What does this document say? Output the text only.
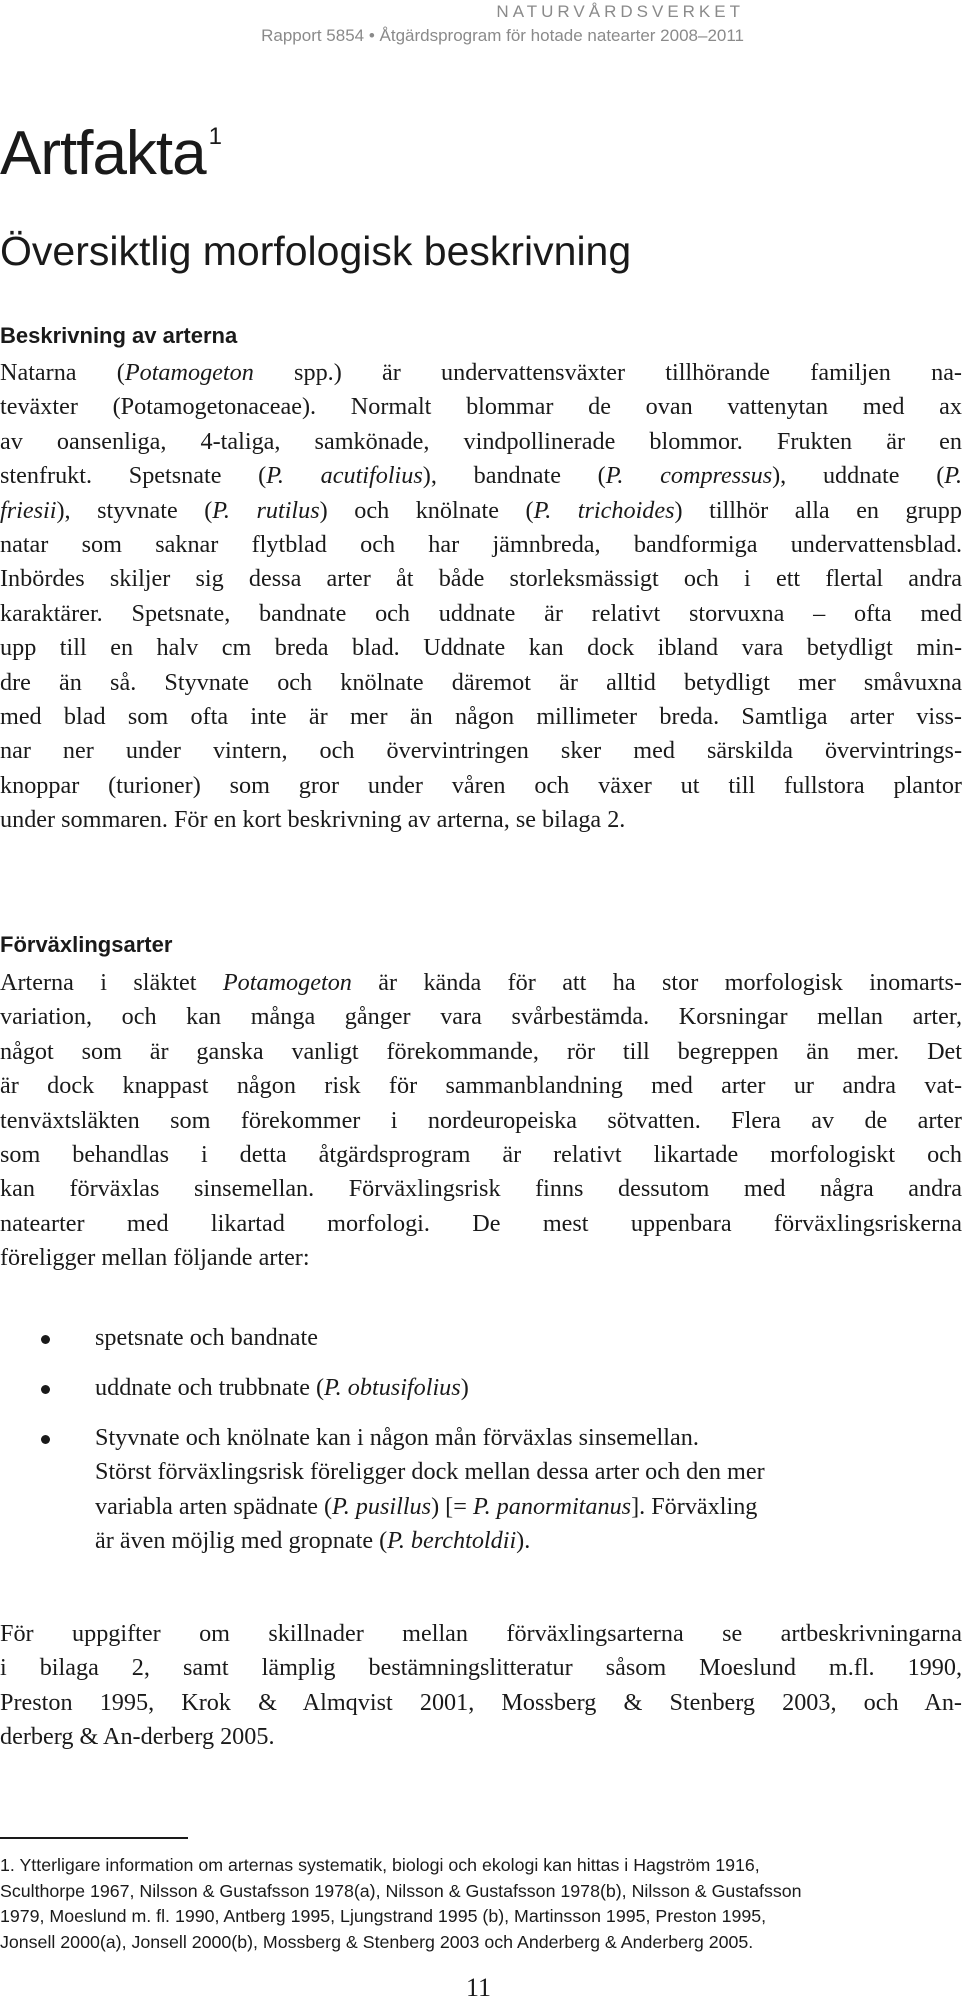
NATURVÅRDSVERKET
Rapport 5854 • Åtgärdsprogram för hotade natearter 2008–2011
Artfakta $^1$
Översiktlig morfologisk beskrivning
Beskrivning av arterna
Natarna (Potamogeton spp.) är undervattensväxter tillhörande familjen na-
teväxter (Potamogetonaceae). Normalt blommar de ovan vattenytan med ax
av oansenliga, 4-taliga, samkönade, vindpollinerade blommor. Frukten är en
stenfrukt. Spetsnate (P. acutifolius), bandnate (P. compressus), uddnate (P.
friesii), styvnate (P. rutilus) och knölnate (P. trichoides) tillhör alla en grupp
natar som saknar flytblad och har jämnbreda, bandformiga undervattensblad.
Inbördes skiljer sig dessa arter åt både storleksmässigt och i ett flertal andra
karaktärer. Spetsnate, bandnate och uddnate är relativt storvuxna – ofta med
upp till en halv cm breda blad. Uddnate kan dock ibland vara betydligt min-
dre än så. Styvnate och knölnate däremot är alltid betydligt mer småvuxna
med blad som ofta inte är mer än någon millimeter breda. Samtliga arter viss-
nar ner under vintern, och övervintringen sker med särskilda övervintrings-
knoppar (turioner) som gror under våren och växer ut till fullstora plantor
under sommaren. För en kort beskrivning av arterna, se bilaga 2.
Förväxlingsarter
Arterna i släktet Potamogeton är kända för att ha stor morfologisk inomarts-
variation, och kan många gånger vara svårbestämda. Korsningar mellan arter,
något som är ganska vanligt förekommande, rör till begreppen än mer. Det
är dock knappast någon risk för sammanblandning med arter ur andra vat-
tenväxtsläkten som förekommer i nordeuropeiska sötvatten. Flera av de arter
som behandlas i detta åtgärdsprogram är relativt likartade morfologiskt och
kan förväxlas sinsemellan. Förväxlingsrisk finns dessutom med några andra
natearter med likartad morfologi. De mest uppenbara förväxlingsriskerna
föreligger mellan följande arter:
spetsnate och bandnate
uddnate och trubbnate (P. obtusifolius)
Styvnate och knölnate kan i någon mån förväxlas sinsemellan.
Störst förväxlingsrisk föreligger dock mellan dessa arter och den mer
variabla arten spädnate (P. pusillus) [= P. panormitanus]. Förväxling
är även möjlig med gropnate (P. berchtoldii).
För uppgifter om skillnader mellan förväxlingsarterna se artbeskrivningarna
i bilaga 2, samt lämplig bestämningslitteratur såsom Moeslund m.fl. 1990,
Preston 1995, Krok & Almqvist 2001, Mossberg & Stenberg 2003, och An-
derberg & An-derberg 2005.
1. Ytterligare information om arternas systematik, biologi och ekologi kan hittas i Hagström 1916,
Sculthorpe 1967, Nilsson & Gustafsson 1978(a), Nilsson & Gustafsson 1978(b), Nilsson & Gustafsson
1979, Moeslund m. fl. 1990, Antberg 1995, Ljungstrand 1995 (b), Martinsson 1995, Preston 1995,
Jonsell 2000(a), Jonsell 2000(b), Mossberg & Stenberg 2003 och Anderberg & Anderberg 2005.
11
